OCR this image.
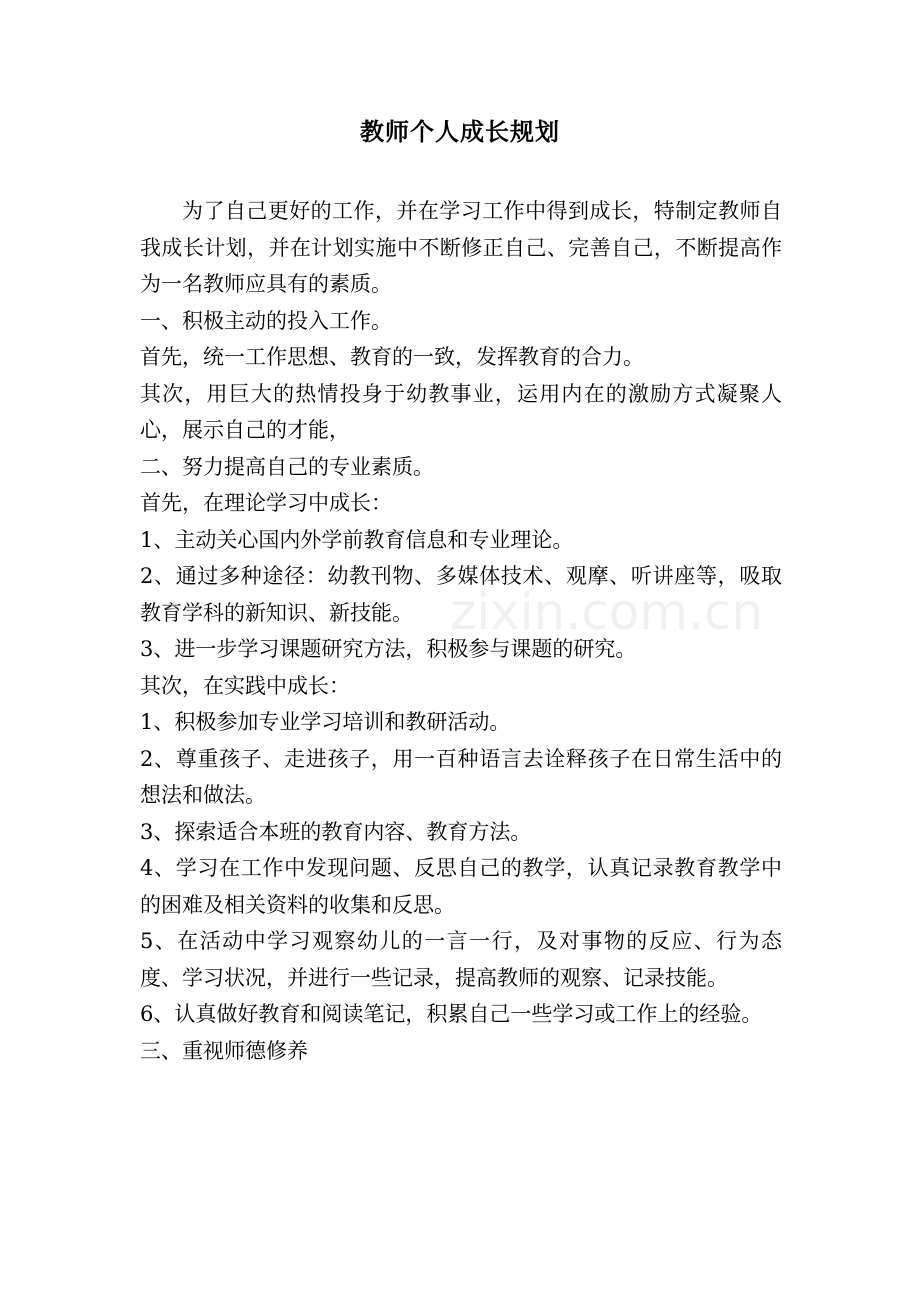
教师个人成长规划

为了自己更好的工作，并在学习工作中得到成长，特制定教师自我成长计划，并在计划实施中不断修正自己、完善自己，不断提高作为一名教师应具有的素质。

一、积极主动的投入工作。

首先，统一工作思想、教育的一致，发挥教育的合力。

其次，用巨大的热情投身于幼教事业，运用内在的激励方式凝聚人心，展示自己的才能，

二、努力提高自己的专业素质。

首先，在理论学习中成长：

1、主动关心国内外学前教育信息和专业理论。

2、通过多种途径：幼教刊物、多媒体技术、观摩、听讲座等，吸取教育学科的新知识、新技能。

3、进一步学习课题研究方法，积极参与课题的研究。

其次，在实践中成长：

1、积极参加专业学习培训和教研活动。

2、尊重孩子、走进孩子，用一百种语言去诠释孩子在日常生活中的想法和做法。

3、探索适合本班的教育内容、教育方法。

4、学习在工作中发现问题、反思自己的教学，认真记录教育教学中的困难及相关资料的收集和反思。

5、在活动中学习观察幼儿的一言一行，及对事物的反应、行为态度、学习状况，并进行一些记录，提高教师的观察、记录技能。

6、认真做好教育和阅读笔记，积累自己一些学习或工作上的经验。

三、重视师德修养

zixin.com.cn
